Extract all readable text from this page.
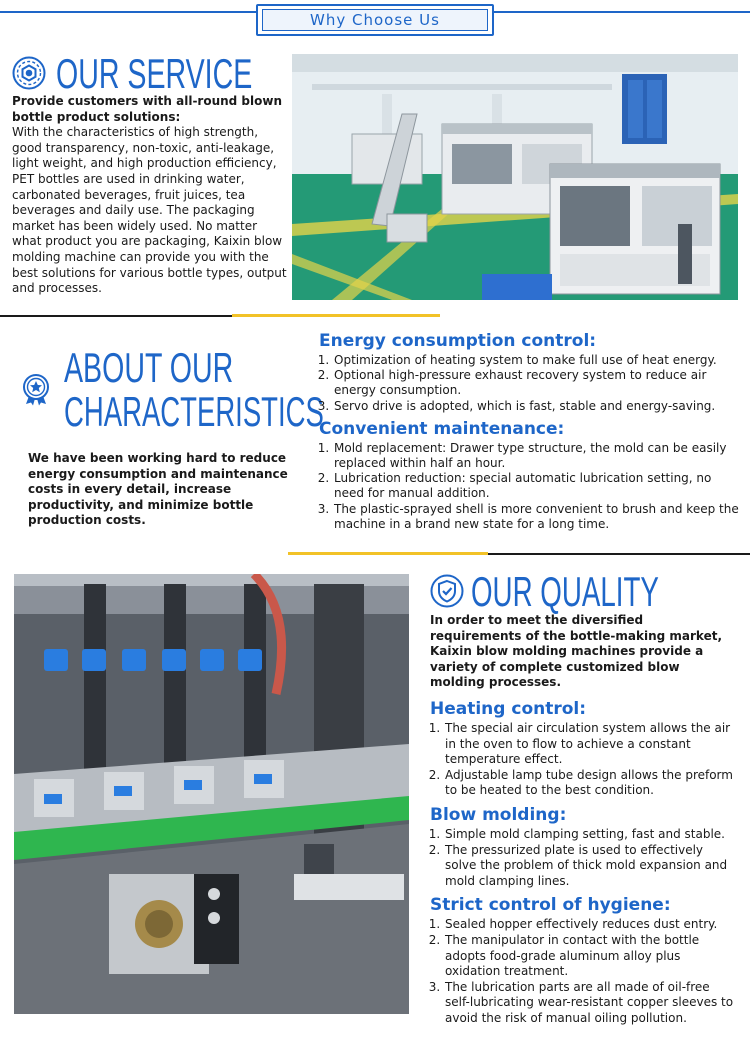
Why Choose Us
OUR SERVICE
Provide customers with all-round blown bottle product solutions:
With the characteristics of high strength, good transparency, non-toxic, anti-leakage, light weight, and high production efficiency, PET bottles are used in drinking water, carbonated beverages, fruit juices, tea beverages and daily use. The packaging market has been widely used. No matter what product you are packaging, Kaixin blow molding machine can provide you with the best solutions for various bottle types, output and processes.
ABOUT OUR
CHARACTERISTICS
We have been working hard to reduce energy consumption and maintenance costs in every detail, increase productivity, and minimize bottle production costs.
Energy consumption control:
1. Optimization of heating system to make full use of heat energy.
2. Optional high-pressure exhaust recovery system to reduce air energy consumption.
3. Servo drive is adopted, which is fast, stable and energy-saving.
Convenient maintenance:
1. Mold replacement: Drawer type structure, the mold can be easily replaced within half an hour.
2. Lubrication reduction: special automatic lubrication setting, no need for manual addition.
3. The plastic-sprayed shell is more convenient to brush and keep the machine in a brand new state for a long time.
OUR QUALITY
In order to meet the diversified requirements of the bottle-making market, Kaixin blow molding machines provide a variety of complete customized blow molding processes.
Heating control:
1. The special air circulation system allows the air in the oven to flow to achieve a constant temperature effect.
2. Adjustable lamp tube design allows the preform to be heated to the best condition.
Blow molding:
1. Simple mold clamping setting, fast and stable.
2. The pressurized plate is used to effectively solve the problem of thick mold expansion and mold clamping lines.
Strict control of hygiene:
1. Sealed hopper effectively reduces dust entry.
2. The manipulator in contact with the bottle adopts food-grade aluminum alloy plus oxidation treatment.
3. The lubrication parts are all made of oil-free self-lubricating wear-resistant copper sleeves to avoid the risk of manual oiling pollution.
